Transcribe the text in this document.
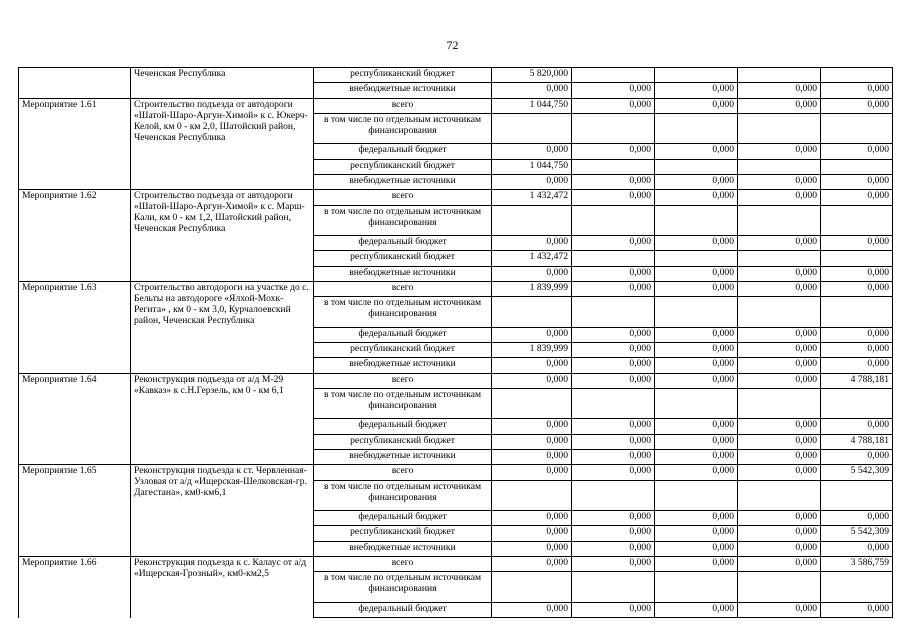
72
	Чеченская Республика	республиканский бюджет	5 820,000				
		внебюджетные источники	0,000	0,000	0,000	0,000	0,000
Мероприятие 1.61	Строительство подъезда от автодороги «Шатой-Шаро-Аргун-Химой» к с. Юкерч-Келой, км 0 - км 2,0, Шатойский район, Чеченская Республика	всего	1 044,750	0,000	0,000	0,000	0,000
		в том числе по отдельным источникам финансирования					
		федеральный бюджет	0,000	0,000	0,000	0,000	0,000
		республиканский бюджет	1 044,750				
		внебюджетные источники	0,000	0,000	0,000	0,000	0,000
Мероприятие 1.62	Строительство подъезда от автодороги «Шатой-Шаро-Аргун-Химой» к с. Марш-Кали, км 0 - км 1,2, Шатойский район, Чеченская Республика	всего	1 432,472	0,000	0,000	0,000	0,000
		в том числе по отдельным источникам финансирования					
		федеральный бюджет	0,000	0,000	0,000	0,000	0,000
		республиканский бюджет	1 432,472				
		внебюджетные источники	0,000	0,000	0,000	0,000	0,000
Мероприятие 1.63	Строительство автодороги на участке до с. Бельты на автодороге «Ялхой-Мохк-Регита» , км 0 - км 3,0, Курчалоевский район, Чеченская Республика	всего	1 839,999	0,000	0,000	0,000	0,000
		в том числе по отдельным источникам финансирования					
		федеральный бюджет	0,000	0,000	0,000	0,000	0,000
		республиканский бюджет	1 839,999	0,000	0,000	0,000	0,000
		внебюджетные источники	0,000	0,000	0,000	0,000	0,000
Мероприятие 1.64	Реконструкция подъезда от а/д М-29 «Кавказ» к с.Н.Герзель, км 0 - км 6,1	всего	0,000	0,000	0,000	0,000	4 788,181
		в том числе по отдельным источникам финансирования					
		федеральный бюджет	0,000	0,000	0,000	0,000	0,000
		республиканский бюджет	0,000	0,000	0,000	0,000	4 788,181
		внебюджетные источники	0,000	0,000	0,000	0,000	0,000
Мероприятие 1.65	Реконструкция подъезда к ст. Червленная-Узловая от а/д «Ищерская-Шелковская-гр. Дагестана», км0-км6,1	всего	0,000	0,000	0,000	0,000	5 542,309
		в том числе по отдельным источникам финансирования					
		федеральный бюджет	0,000	0,000	0,000	0,000	0,000
		республиканский бюджет	0,000	0,000	0,000	0,000	5 542,309
		внебюджетные источники	0,000	0,000	0,000	0,000	0,000
Мероприятие 1.66	Реконструкция подъезда к с. Калаус от а/д «Ищерская-Грозный», км0-км2,5	всего	0,000	0,000	0,000	0,000	3 586,759
		в том числе по отдельным источникам финансирования					
		федеральный бюджет	0,000	0,000	0,000	0,000	0,000
